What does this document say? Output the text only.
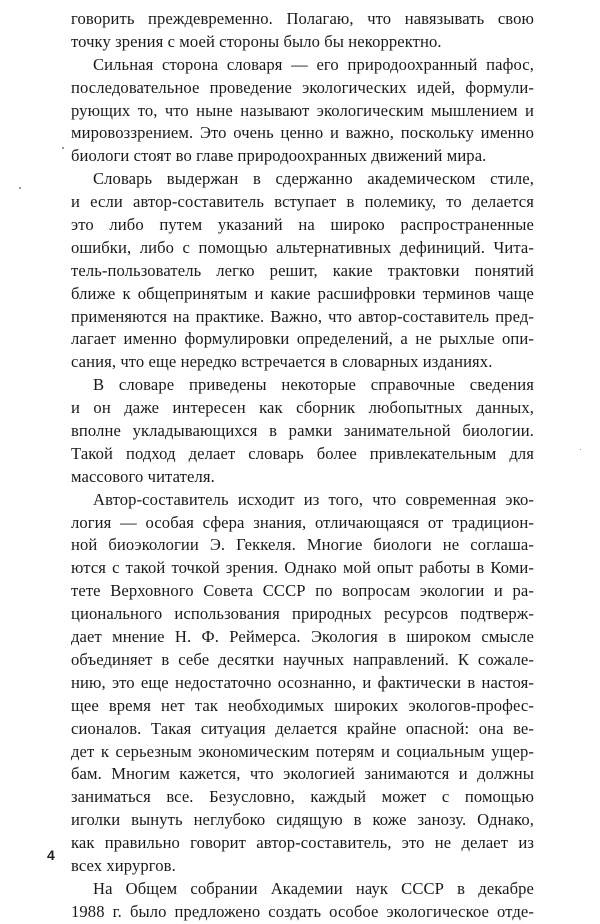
говорить преждевременно. Полагаю, что навязывать свою
точку зрения с моей стороны было бы некорректно.
Сильная сторона словаря — его природоохранный пафос,
последовательное проведение экологических идей, формули-
рующих то, что ныне называют экологическим мышлением и
мировоззрением. Это очень ценно и важно, поскольку именно
биологи стоят во главе природоохранных движений мира.
Словарь выдержан в сдержанно академическом стиле,
и если автор-составитель вступает в полемику, то делается
это либо путем указаний на широко распространенные
ошибки, либо с помощью альтернативных дефиниций. Чита-
тель-пользователь легко решит, какие трактовки понятий
ближе к общепринятым и какие расшифровки терминов чаще
применяются на практике. Важно, что автор-составитель пред-
лагает именно формулировки определений, а не рыхлые опи-
сания, что еще нередко встречается в словарных изданиях.
В словаре приведены некоторые справочные сведения
и он даже интересен как сборник любопытных данных,
вполне укладывающихся в рамки занимательной биологии.
Такой подход делает словарь более привлекательным для
массового читателя.
Автор-составитель исходит из того, что современная эко-
логия — особая сфера знания, отличающаяся от традицион-
ной биоэкологии Э. Геккеля. Многие биологи не соглаша-
ются с такой точкой зрения. Однако мой опыт работы в Коми-
тете Верховного Совета СССР по вопросам экологии и ра-
ционального использования природных ресурсов подтверж-
дает мнение Н. Ф. Реймерса. Экология в широком смысле
объединяет в себе десятки научных направлений. К сожале-
нию, это еще недостаточно осознанно, и фактически в настоя-
щее время нет так необходимых широких экологов-профес-
сионалов. Такая ситуация делается крайне опасной: она ве-
дет к серьезным экономическим потерям и социальным ущер-
бам. Многим кажется, что экологией занимаются и должны
заниматься все. Безусловно, каждый может с помощью
иголки вынуть неглубоко сидящую в коже занозу. Однако,
как правильно говорит автор-составитель, это не делает из
всех хирургов.
На Общем собрании Академии наук СССР в декабре
1988 г. было предложено создать особое экологическое отде-
4
